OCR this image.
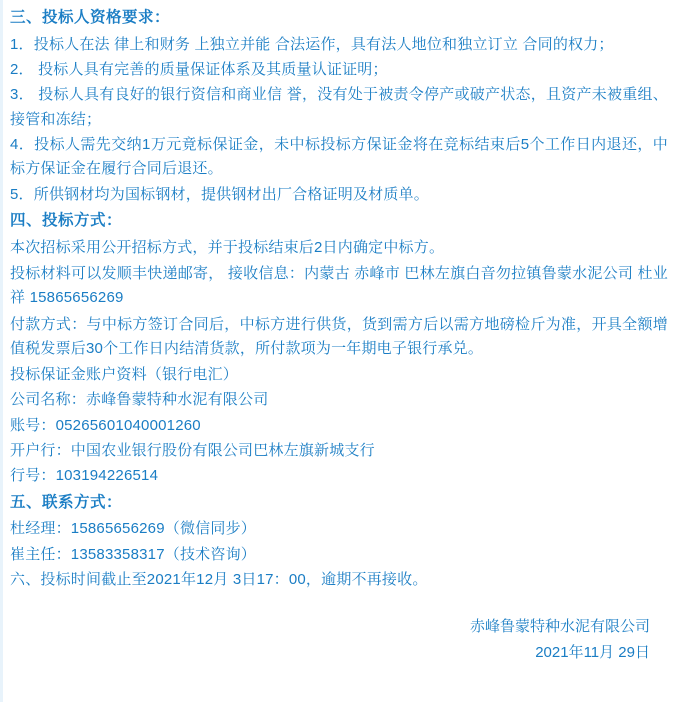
三、投标人资格要求：

1．投标人在法 律上和财务 上独立并能 合法运作，具有法人地位和独立订立 合同的权力；

2． 投标人具有完善的质量保证体系及其质量认证证明；

3． 投标人具有良好的银行资信和商业信 誉，没有处于被责令停产或破产状态，且资产未被重组、接管和冻结；

4．投标人需先交纳1万元竟标保证金，未中标投标方保证金将在竞标结束后5个工作日内退还，中标方保证金在履行合同后退还。

5．所供钢材均为国标钢材，提供钢材出厂合格证明及材质单。

四、投标方式：

本次招标采用公开招标方式，并于投标结束后2日内确定中标方。

投标材料可以发顺丰快递邮寄， 接收信息：内蒙古 赤峰市 巴林左旗白音勿拉镇鲁蒙水泥公司 杜业祥 15865656269

付款方式：与中标方签订合同后，中标方进行供货，货到需方后以需方地磅检斤为准，开具全额增值税发票后30个工作日内结清货款，所付款项为一年期电子银行承兑。

投标保证金账户资料（银行电汇）

公司名称：赤峰鲁蒙特种水泥有限公司

账号：05265601040001260

开户行：中国农业银行股份有限公司巴林左旗新城支行

行号：103194226514

五、联系方式：

杜经理：15865656269（微信同步）

崔主任：13583358317（技术咨询）

六、投标时间截止至2021年12月 3日17：00，逾期不再接收。

赤峰鲁蒙特种水泥有限公司
2021年11月 29日
